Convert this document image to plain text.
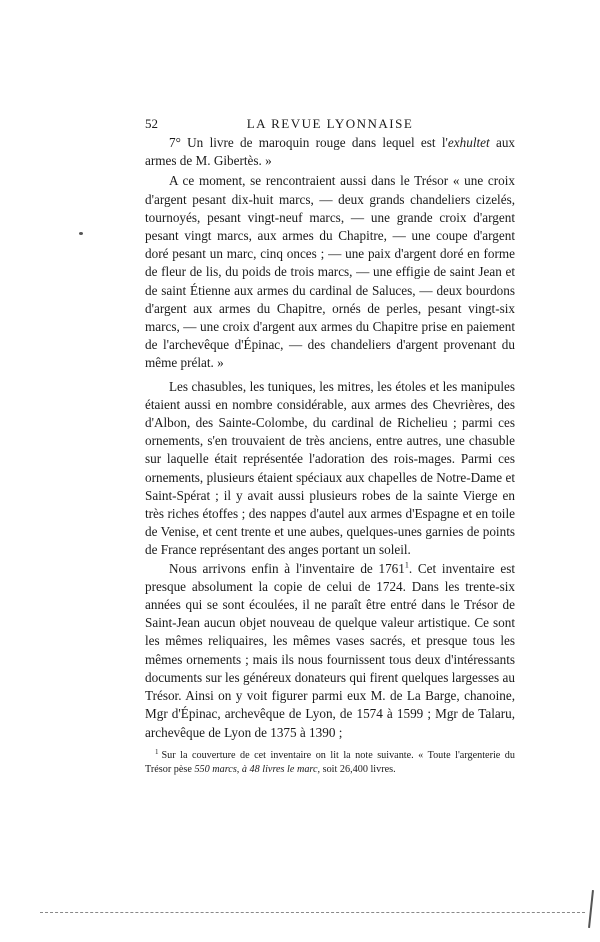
52	LA REVUE LYONNAISE

7° Un livre de maroquin rouge dans lequel est l'exhultet aux armes de M. Gibertès. »

A ce moment, se rencontraient aussi dans le Trésor « une croix d'argent pesant dix-huit marcs, — deux grands chandeliers cizelés, tournoyés, pesant vingt-neuf marcs, — une grande croix d'argent pesant vingt marcs, aux armes du Chapitre, — une coupe d'argent doré pesant un marc, cinq onces ; — une paix d'argent doré en forme de fleur de lis, du poids de trois marcs, — une effigie de saint Jean et de saint Étienne aux armes du cardinal de Saluces, — deux bourdons d'argent aux armes du Chapitre, ornés de perles, pesant vingt-six marcs, — une croix d'argent aux armes du Chapitre prise en paiement de l'archevêque d'Épinac, — des chandeliers d'argent provenant du même prélat. »

Les chasubles, les tuniques, les mitres, les étoles et les manipules étaient aussi en nombre considérable, aux armes des Chevrières, des d'Albon, des Sainte-Colombe, du cardinal de Richelieu ; parmi ces ornements, s'en trouvaient de très anciens, entre autres, une chasuble sur laquelle était représentée l'adoration des rois-mages. Parmi ces ornements, plusieurs étaient spéciaux aux chapelles de Notre-Dame et Saint-Spérat ; il y avait aussi plusieurs robes de la sainte Vierge en très riches étoffes ; des nappes d'autel aux armes d'Espagne et en toile de Venise, et cent trente et une aubes, quelques-unes garnies de points de France représentant des anges portant un soleil.

Nous arrivons enfin à l'inventaire de 1761$^1$. Cet inventaire est presque absolument la copie de celui de 1724. Dans les trente-six années qui se sont écoulées, il ne paraît être entré dans le Trésor de Saint-Jean aucun objet nouveau de quelque valeur artistique. Ce sont les mêmes reliquaires, les mêmes vases sacrés, et presque tous les mêmes ornements ; mais ils nous fournissent tous deux d'intéressants documents sur les généreux donateurs qui firent quelques largesses au Trésor. Ainsi on y voit figurer parmi eux M. de La Barge, chanoine, Mgr d'Épinac, archevêque de Lyon, de 1574 à 1599 ; Mgr de Talaru, archevêque de Lyon de 1375 à 1390 ;

$^1$ Sur la couverture de cet inventaire on lit la note suivante. « Toute l'argenterie du Trésor pèse 550 marcs, à 48 livres le marc, soit 26,400 livres.
